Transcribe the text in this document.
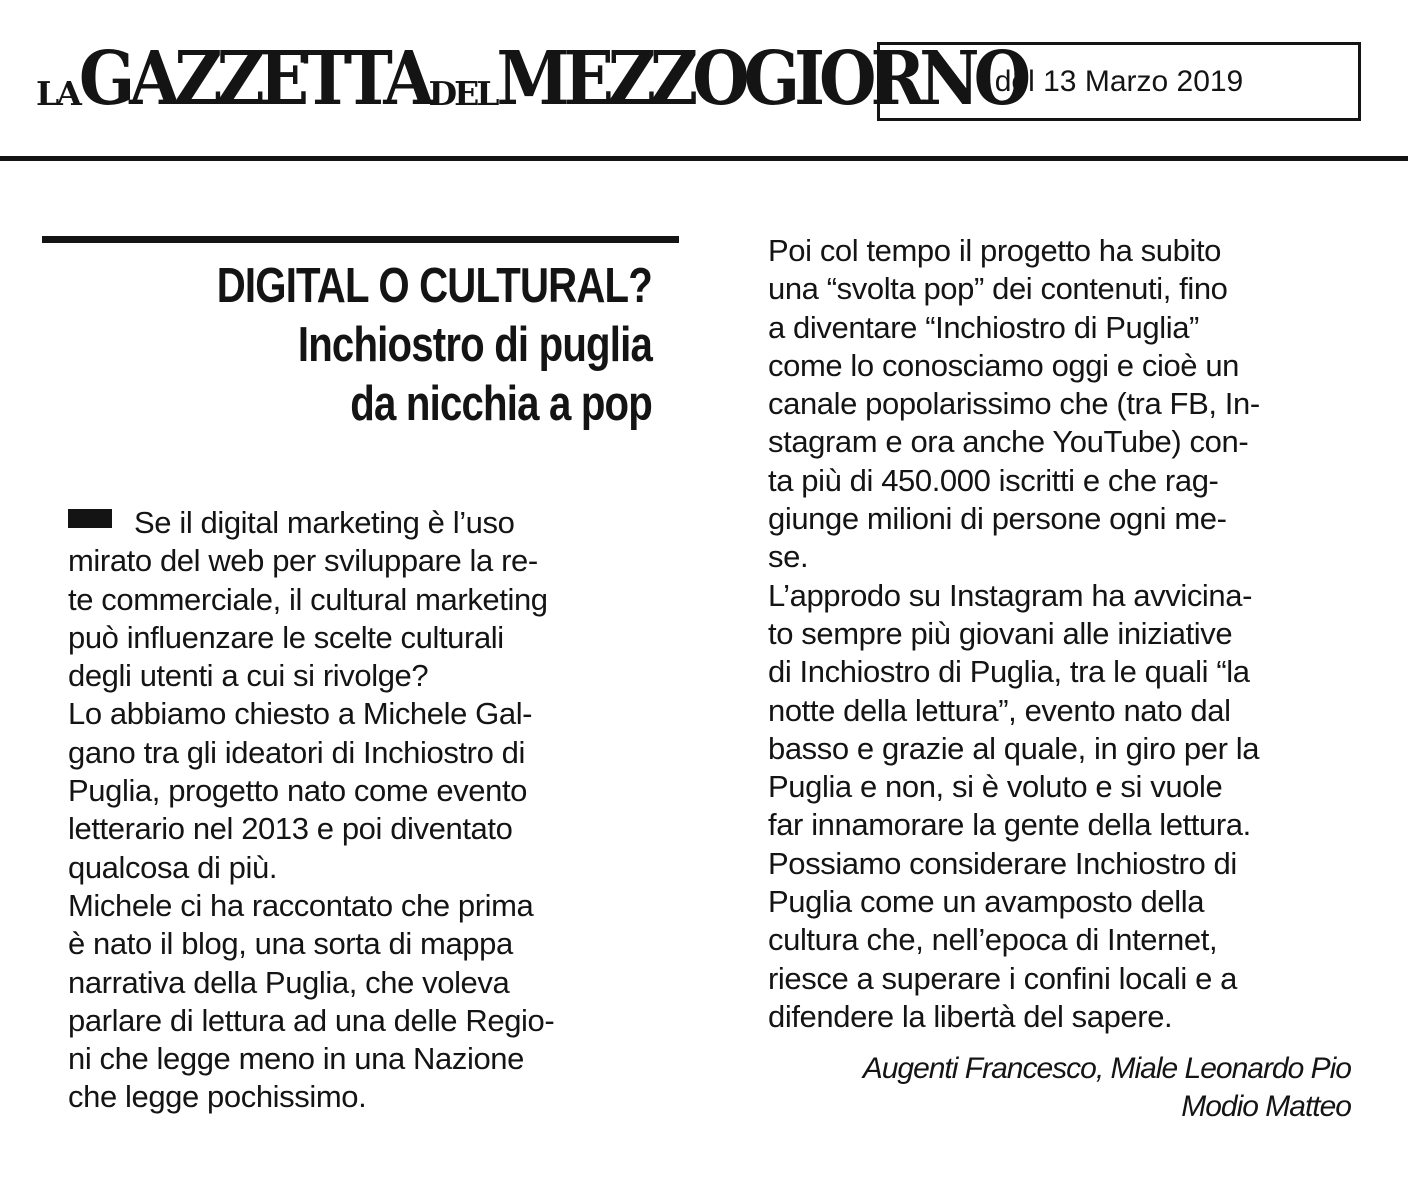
LA GAZZETTA DEL MEZZOGIORNO
del 13 Marzo 2019
DIGITAL O CULTURAL?
Inchiostro di puglia
da nicchia a pop
Se il digital marketing è l’uso
mirato del web per sviluppare la re-
te commerciale, il cultural marketing
può influenzare le scelte culturali
degli utenti a cui si rivolge?
Lo abbiamo chiesto a Michele Gal-
gano tra gli ideatori di Inchiostro di
Puglia, progetto nato come evento
letterario nel 2013 e poi diventato
qualcosa di più.
Michele ci ha raccontato che prima
è nato il blog, una sorta di mappa
narrativa della Puglia, che voleva
parlare di lettura ad una delle Regio-
ni che legge meno in una Nazione
che legge pochissimo.
Poi col tempo il progetto ha subito
una “svolta pop” dei contenuti, fino
a diventare “Inchiostro di Puglia”
come lo conosciamo oggi e cioè un
canale popolarissimo che (tra FB, In-
stagram e ora anche YouTube) con-
ta più di 450.000 iscritti e che rag-
giunge milioni di persone ogni me-
se.
L’approdo su Instagram ha avvicina-
to sempre più giovani alle iniziative
di Inchiostro di Puglia, tra le quali “la
notte della lettura”, evento nato dal
basso e grazie al quale, in giro per la
Puglia e non, si è voluto e si vuole
far innamorare la gente della lettura.
Possiamo considerare Inchiostro di
Puglia come un avamposto della
cultura che, nell’epoca di Internet,
riesce a superare i confini locali e a
difendere la libertà del sapere.
Augenti Francesco, Miale Leonardo Pio
Modio Matteo
